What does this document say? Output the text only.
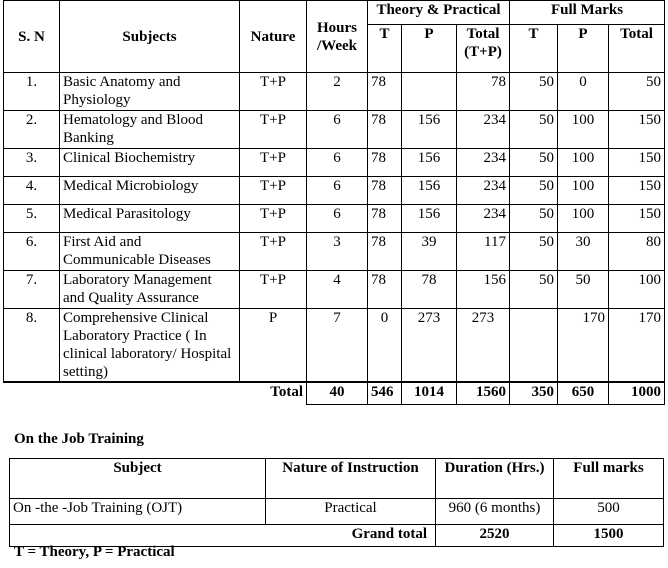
S. N	Subjects	Nature	Hours /Week	Theory & Practical			Full Marks		
				T	P	Total (T+P)	T	P	Total
1.	Basic Anatomy and Physiology	T+P	2	78		78	50	0	50
2.	Hematology and Blood Banking	T+P	6	78	156	234	50	100	150
3.	Clinical Biochemistry	T+P	6	78	156	234	50	100	150
4.	Medical Microbiology	T+P	6	78	156	234	50	100	150
5.	Medical Parasitology	T+P	6	78	156	234	50	100	150
6.	First Aid and Communicable Diseases	T+P	3	78	39	117	50	30	80
7.	Laboratory Management and Quality Assurance	T+P	4	78	78	156	50	50	100
8.	Comprehensive Clinical Laboratory Practice ( In clinical laboratory/ Hospital setting)	P	7	0	273	273		170	170
Total			40	546	1014	1560	350	650	1000
On the Job Training
Subject	Nature of Instruction	Duration (Hrs.)	Full marks
On -the -Job Training (OJT)	Practical	960 (6 months)	500
Grand total		2520	1500
T = Theory, P = Practical
